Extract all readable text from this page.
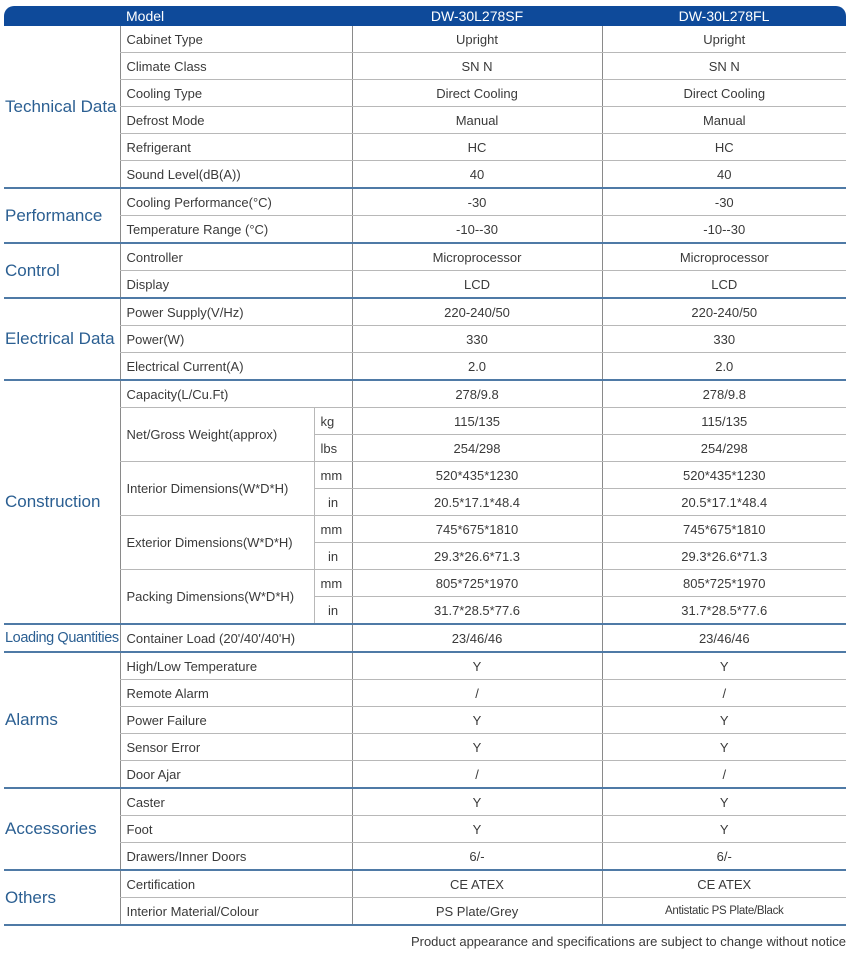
	Model		DW-30L278SF	DW-30L278FL
Technical Data	Cabinet Type		Upright	Upright
	Climate Class		SN N	SN N
	Cooling Type		Direct Cooling	Direct Cooling
	Defrost Mode		Manual	Manual
	Refrigerant		HC	HC
	Sound Level(dB(A))		40	40
Performance	Cooling Performance(°C)		-30	-30
	Temperature Range (°C)		-10--30	-10--30
Control	Controller		Microprocessor	Microprocessor
	Display		LCD	LCD
Electrical Data	Power Supply(V/Hz)		220-240/50	220-240/50
	Power(W)		330	330
	Electrical Current(A)		2.0	2.0
Construction	Capacity(L/Cu.Ft)		278/9.8	278/9.8
	Net/Gross Weight(approx)	kg	115/135	115/135
		lbs	254/298	254/298
	Interior Dimensions(W*D*H)	mm	520*435*1230	520*435*1230
		in	20.5*17.1*48.4	20.5*17.1*48.4
	Exterior Dimensions(W*D*H)	mm	745*675*1810	745*675*1810
		in	29.3*26.6*71.3	29.3*26.6*71.3
	Packing Dimensions(W*D*H)	mm	805*725*1970	805*725*1970
		in	31.7*28.5*77.6	31.7*28.5*77.6
Loading Quantities	Container Load (20'/40'/40'H)		23/46/46	23/46/46
Alarms	High/Low Temperature		Y	Y
	Remote Alarm		/	/
	Power Failure		Y	Y
	Sensor Error		Y	Y
	Door Ajar		/	/
Accessories	Caster		Y	Y
	Foot		Y	Y
	Drawers/Inner Doors		6/-	6/-
Others	Certification		CE ATEX	CE ATEX
	Interior Material/Colour		PS Plate/Grey	Antistatic PS Plate/Black
Product appearance and specifications are subject to change without notice
